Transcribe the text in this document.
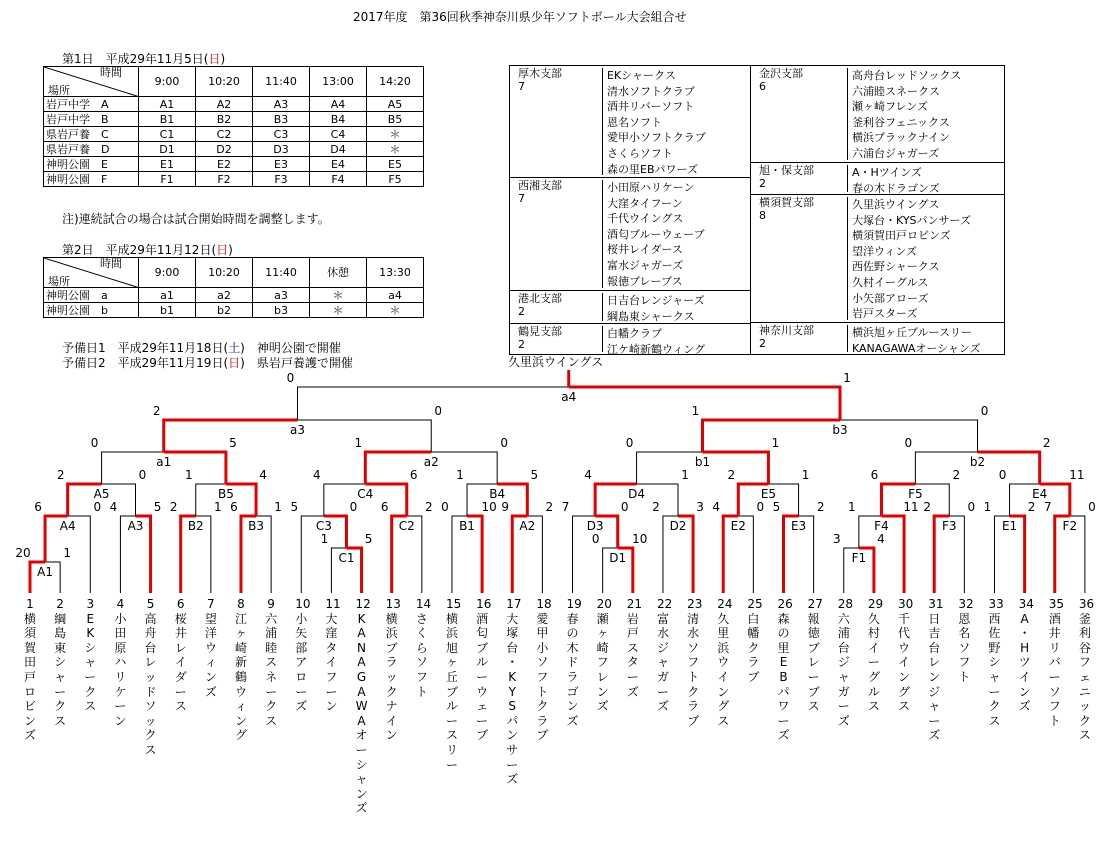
2017年度　第36回秋季神奈川県少年ソフトボール大会組合せ
第1日　平成29年11月5日(日)
時間
場所	9:00	10:20	11:40	13:00	14:20
岩戸中学　A	A1	A2	A3	A4	A5
岩戸中学　B	B1	B2	B3	B4	B5
県岩戸養　C	C1	C2	C3	C4	＊
県岩戸養　D	D1	D2	D3	D4	＊
神明公園　E	E1	E2	E3	E4	E5
神明公園　F	F1	F2	F3	F4	F5
注)連続試合の場合は試合開始時間を調整します。
第2日　平成29年11月12日(日)
時間
場所	9:00	10:20	11:40	休憩	13:30
神明公園　a	a1	a2	a3	＊	a4
神明公園　b	b1	b2	b3	＊	＊
予備日1　平成29年11月18日(土)　神明公園で開催
予備日2　平成29年11月19日(日)　県岩戸養護で開催
厚木支部
7
EKシャークス
清水ソフトクラブ
酒井リバーソフト
恩名ソフト
愛甲小ソフトクラブ
さくらソフト
森の里EBパワーズ
西湘支部
7
小田原ハリケーン
大窪タイフーン
千代ウイングス
酒匂ブルーウェーブ
桜井レイダース
富水ジャガーズ
報徳ブレーブス
港北支部
2
日吉台レンジャーズ
綱島東シャークス
鶴見支部
2
白幡クラブ
江ケ崎新鶴ウィング
金沢支部
6
高舟台レッドソックス
六浦睦スネークス
瀬ヶ崎フレンズ
釜利谷フェニックス
横浜ブラックナイン
六浦台ジャガーズ
旭・保支部
2
A・Hツインズ
春の木ドラゴンズ
横須賀支部
8
久里浜ウイングス
大塚台・KYSパンサーズ
横須賀田戸ロビンズ
望洋ウィンズ
西佐野シャークス
久村イーグルス
小矢部アローズ
岩戸スターズ
神奈川支部
2
横浜旭ヶ丘ブルースリー
KANAGAWAオーシャンズ
久里浜ウイングス
20	1
A1
1	5
C1
0	10
D1
3	4
F1
6	0
A4
4	5
A3
2	1
B2
6	1
B3
5	0
C3
6	2
C2
0	10
B1
9	2
A2
7	0
D3
2	3
D2
4	0
E2
5	2
E3
1	11
F4
2	0
F3
1	2
E1
7	0
F2
2	0
A5
1	4
B5
4	6
C4
1	5
B4
4	1
D4
2	1
E5
6	2
F5
0	11
E4
0	5
a1
1	0
a2
0	1
b1
0	2
b2
2	0
a3
1	0
b3
0	1
a4
1
横
須
賀
田
戸
ロ
ビ
ン
ズ
2
綱
島
東
シ
ャ
ー
ク
ス
3
E
K
シ
ャ
ー
ク
ス
4
小
田
原
ハ
リ
ケ
ー
ン
5
高
舟
台
レ
ッ
ド
ソ
ッ
ク
ス
6
桜
井
レ
イ
ダ
ー
ス
7
望
洋
ウ
ィ
ン
ズ
8
江
ヶ
崎
新
鶴
ウ
ィ
ン
グ
9
六
浦
睦
ス
ネ
ー
ク
ス
10
小
矢
部
ア
ロ
ー
ズ
11
大
窪
タ
イ
フ
ー
ン
12
K
A
N
A
G
A
W
A
オ
ー
シ
ャ
ン
ズ
13
横
浜
ブ
ラ
ッ
ク
ナ
イ
ン
14
さ
く
ら
ソ
フ
ト
15
横
浜
旭
ヶ
丘
ブ
ル
ー
ス
リ
ー
16
酒
匂
ブ
ル
ー
ウ
ェ
ー
ブ
17
大
塚
台
・
K
Y
S
パ
ン
サ
ー
ズ
18
愛
甲
小
ソ
フ
ト
ク
ラ
ブ
19
春
の
木
ド
ラ
ゴ
ン
ズ
20
瀬
ヶ
崎
フ
レ
ン
ズ
21
岩
戸
ス
タ
ー
ズ
22
富
水
ジ
ャ
ガ
ー
ズ
23
清
水
ソ
フ
ト
ク
ラ
ブ
24
久
里
浜
ウ
イ
ン
グ
ス
25
白
幡
ク
ラ
ブ
26
森
の
里
E
B
パ
ワ
ー
ズ
27
報
徳
ブ
レ
ー
ブ
ス
28
六
浦
台
ジ
ャ
ガ
ー
ズ
29
久
村
イ
ー
グ
ル
ス
30
千
代
ウ
イ
ン
グ
ス
31
日
吉
台
レ
ン
ジ
ャ
ー
ズ
32
恩
名
ソ
フ
ト
33
西
佐
野
シ
ャ
ー
ク
ス
34
A
・
H
ツ
イ
ン
ズ
35
酒
井
リ
バ
ー
ソ
フ
ト
36
釜
利
谷
フ
ェ
ニ
ッ
ク
ス
